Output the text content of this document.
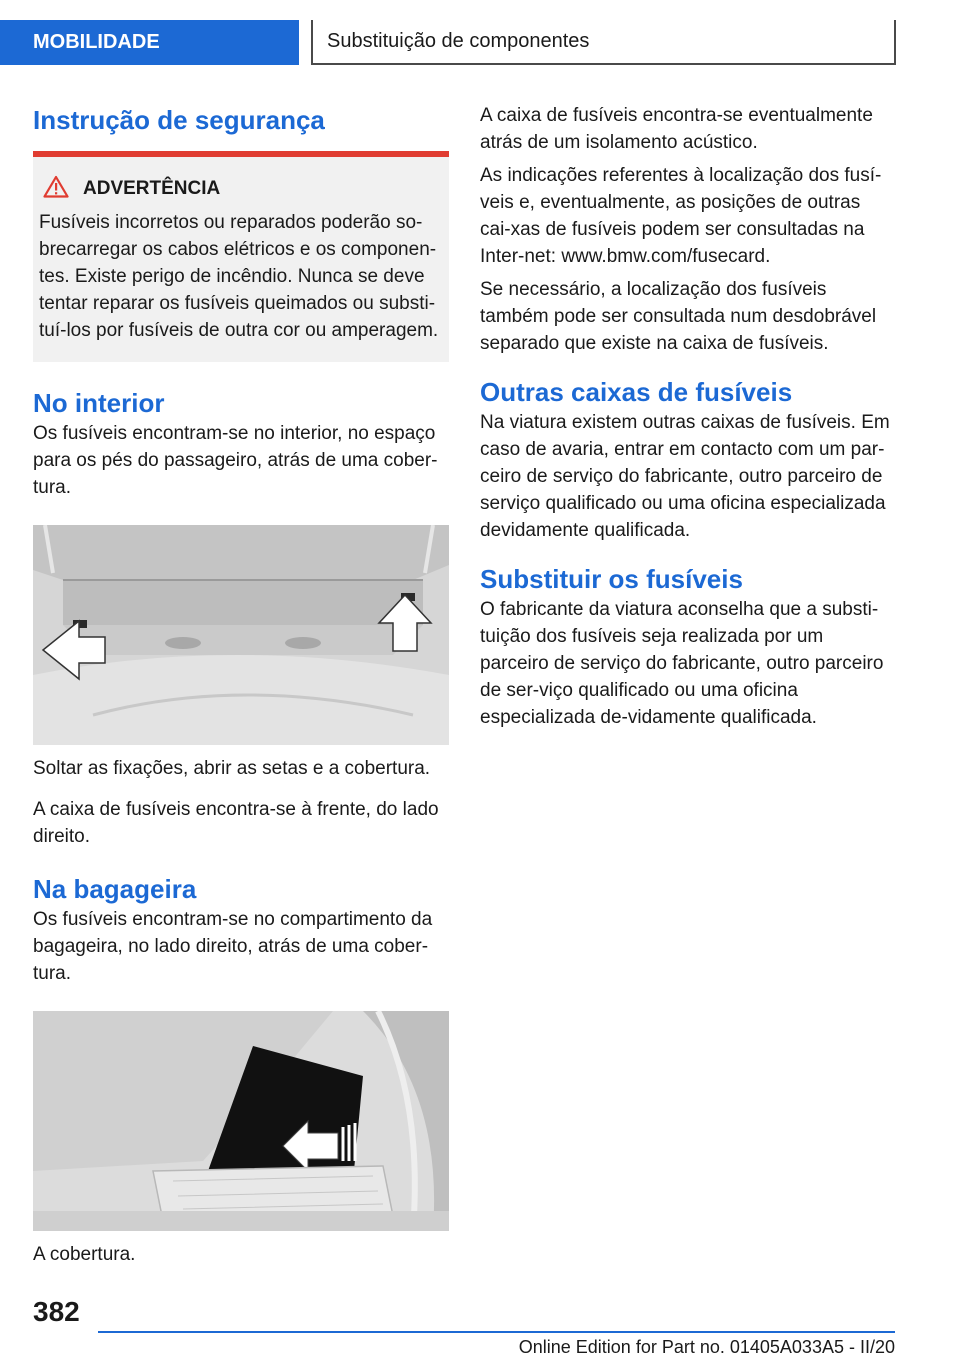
MOBILIDADE	Substituição de componentes
Instrução de segurança
ADVERTÊNCIA

Fusíveis incorretos ou reparados poderão so-brecarregar os cabos elétricos e os componen-tes. Existe perigo de incêndio. Nunca se deve tentar reparar os fusíveis queimados ou substi-tuí-los por fusíveis de outra cor ou amperagem.

No interior

Os fusíveis encontram-se no interior, no espaço para os pés do passageiro, atrás de uma cober-tura.

Soltar as fixações, abrir as setas e a cobertura.

A caixa de fusíveis encontra-se à frente, do lado direito.

Na bagageira

Os fusíveis encontram-se no compartimento da bagageira, no lado direito, atrás de uma cober-tura.

A cobertura.

A caixa de fusíveis encontra-se eventualmente atrás de um isolamento acústico.

As indicações referentes à localização dos fusí-veis e, eventualmente, as posições de outras cai-xas de fusíveis podem ser consultadas na Inter-net: www.bmw.com/fusecard.

Se necessário, a localização dos fusíveis também pode ser consultada num desdobrável separado que existe na caixa de fusíveis.

Outras caixas de fusíveis

Na viatura existem outras caixas de fusíveis. Em caso de avaria, entrar em contacto com um par-ceiro de serviço do fabricante, outro parceiro de serviço qualificado ou uma oficina especializada devidamente qualificada.

Substituir os fusíveis

O fabricante da viatura aconselha que a substi-tuição dos fusíveis seja realizada por um parceiro de serviço do fabricante, outro parceiro de ser-viço qualificado ou uma oficina especializada de-vidamente qualificada.

382
Online Edition for Part no. 01405A033A5 - II/20
